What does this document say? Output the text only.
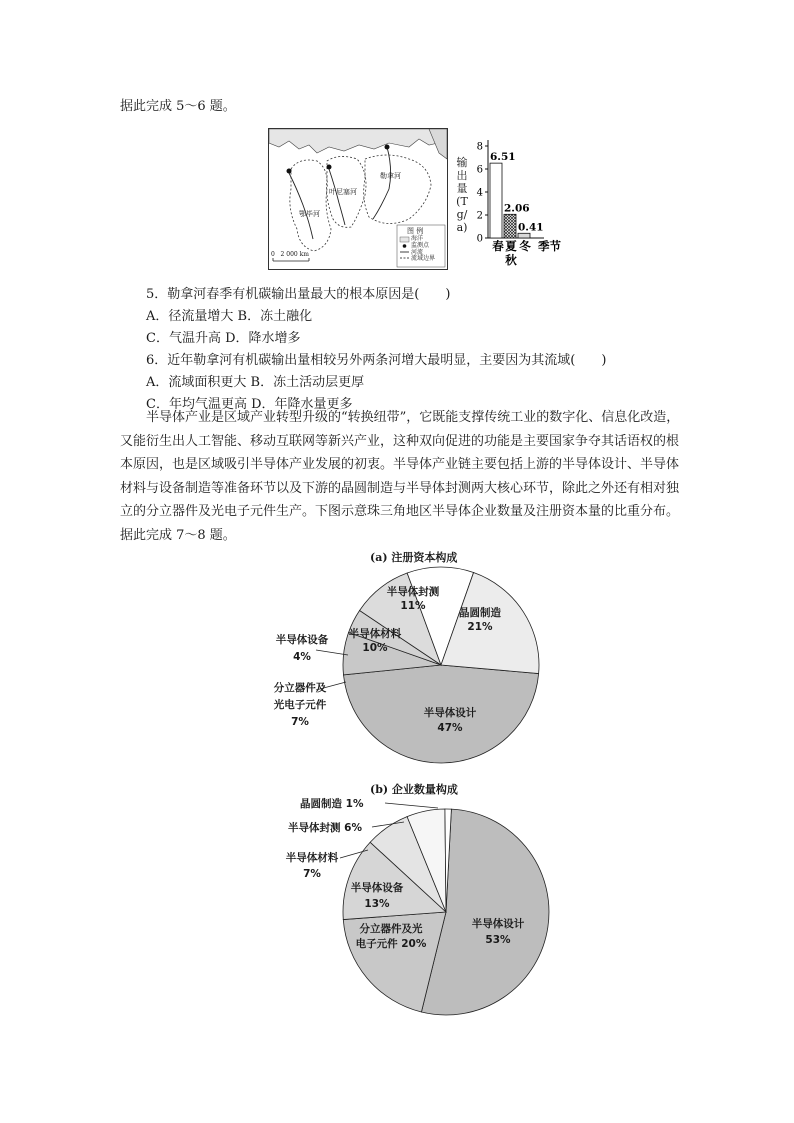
据此完成 5～6 题。
勒拿河
叶尼塞河
鄂毕河
图 例
海洋
监测点
河流
流域边界
0   2 000 km
0
2
4
6
8
6.51
2.06
0.41
春 夏 冬
秋
季节
输出量(Tg/a)
5．勒拿河春季有机碳输出量最大的根本原因是(　　)
A．径流量增大 B．冻土融化
C．气温升高 D．降水增多
6．近年勒拿河有机碳输出量相较另外两条河增大最明显，主要因为其流域(　　)
A．流域面积更大 B．冻土活动层更厚
C．年均气温更高 D．年降水量更多
半导体产业是区域产业转型升级的“转换纽带”，它既能支撑传统工业的数字化、信息化改造，又能衍生出人工智能、移动互联网等新兴产业，这种双向促进的功能是主要国家争夺其话语权的根本原因，也是区域吸引半导体产业发展的初衷。半导体产业链主要包括上游的半导体设计、半导体材料与设备制造等准备环节以及下游的晶圆制造与半导体封测两大核心环节，除此之外还有相对独立的分立器件及光电子元件生产。下图示意珠三角地区半导体企业数量及注册资本量的比重分布。据此完成 7～8 题。
(a) 注册资本构成
(b) 企业数量构成
半导体封测
11%
晶圆制造
21%
半导体材料
10%
半导体设备
4%
分立器件及
光电子元件
7%
半导体设计
47%
晶圆制造 1%
半导体封测 6%
半导体材料
7%
半导体设备
13%
分立器件及光
电子元件 20%
半导体设计
53%
